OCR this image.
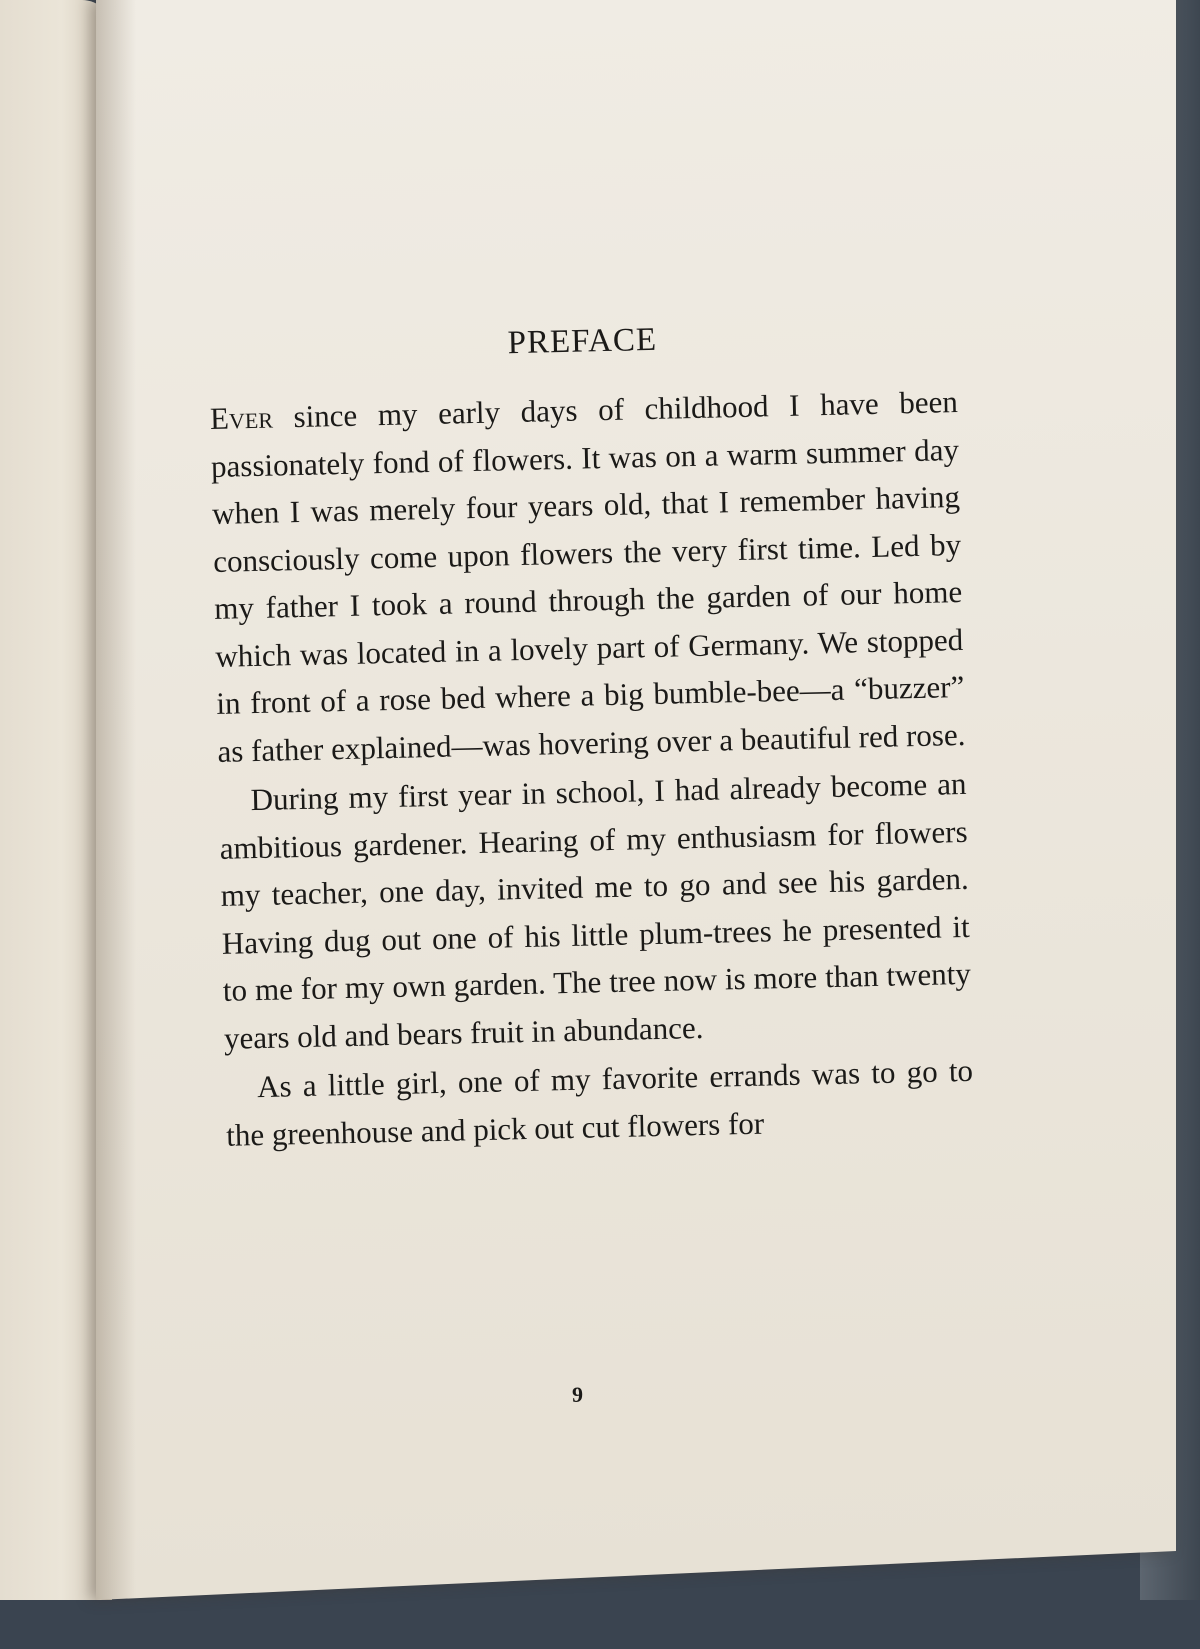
PREFACE

Ever since my early days of childhood I have been passionately fond of flowers. It was on a warm summer day when I was merely four years old, that I remember having consciously come upon flowers the very first time. Led by my father I took a round through the garden of our home which was located in a lovely part of Germany. We stopped in front of a rose bed where a big bumble-bee—a “buzzer” as father explained—was hovering over a beautiful red rose.

During my first year in school, I had already become an ambitious gardener. Hearing of my enthusiasm for flowers my teacher, one day, invited me to go and see his garden. Having dug out one of his little plum-trees he presented it to me for my own garden. The tree now is more than twenty years old and bears fruit in abundance.

As a little girl, one of my favorite errands was to go to the greenhouse and pick out cut flowers for

9
